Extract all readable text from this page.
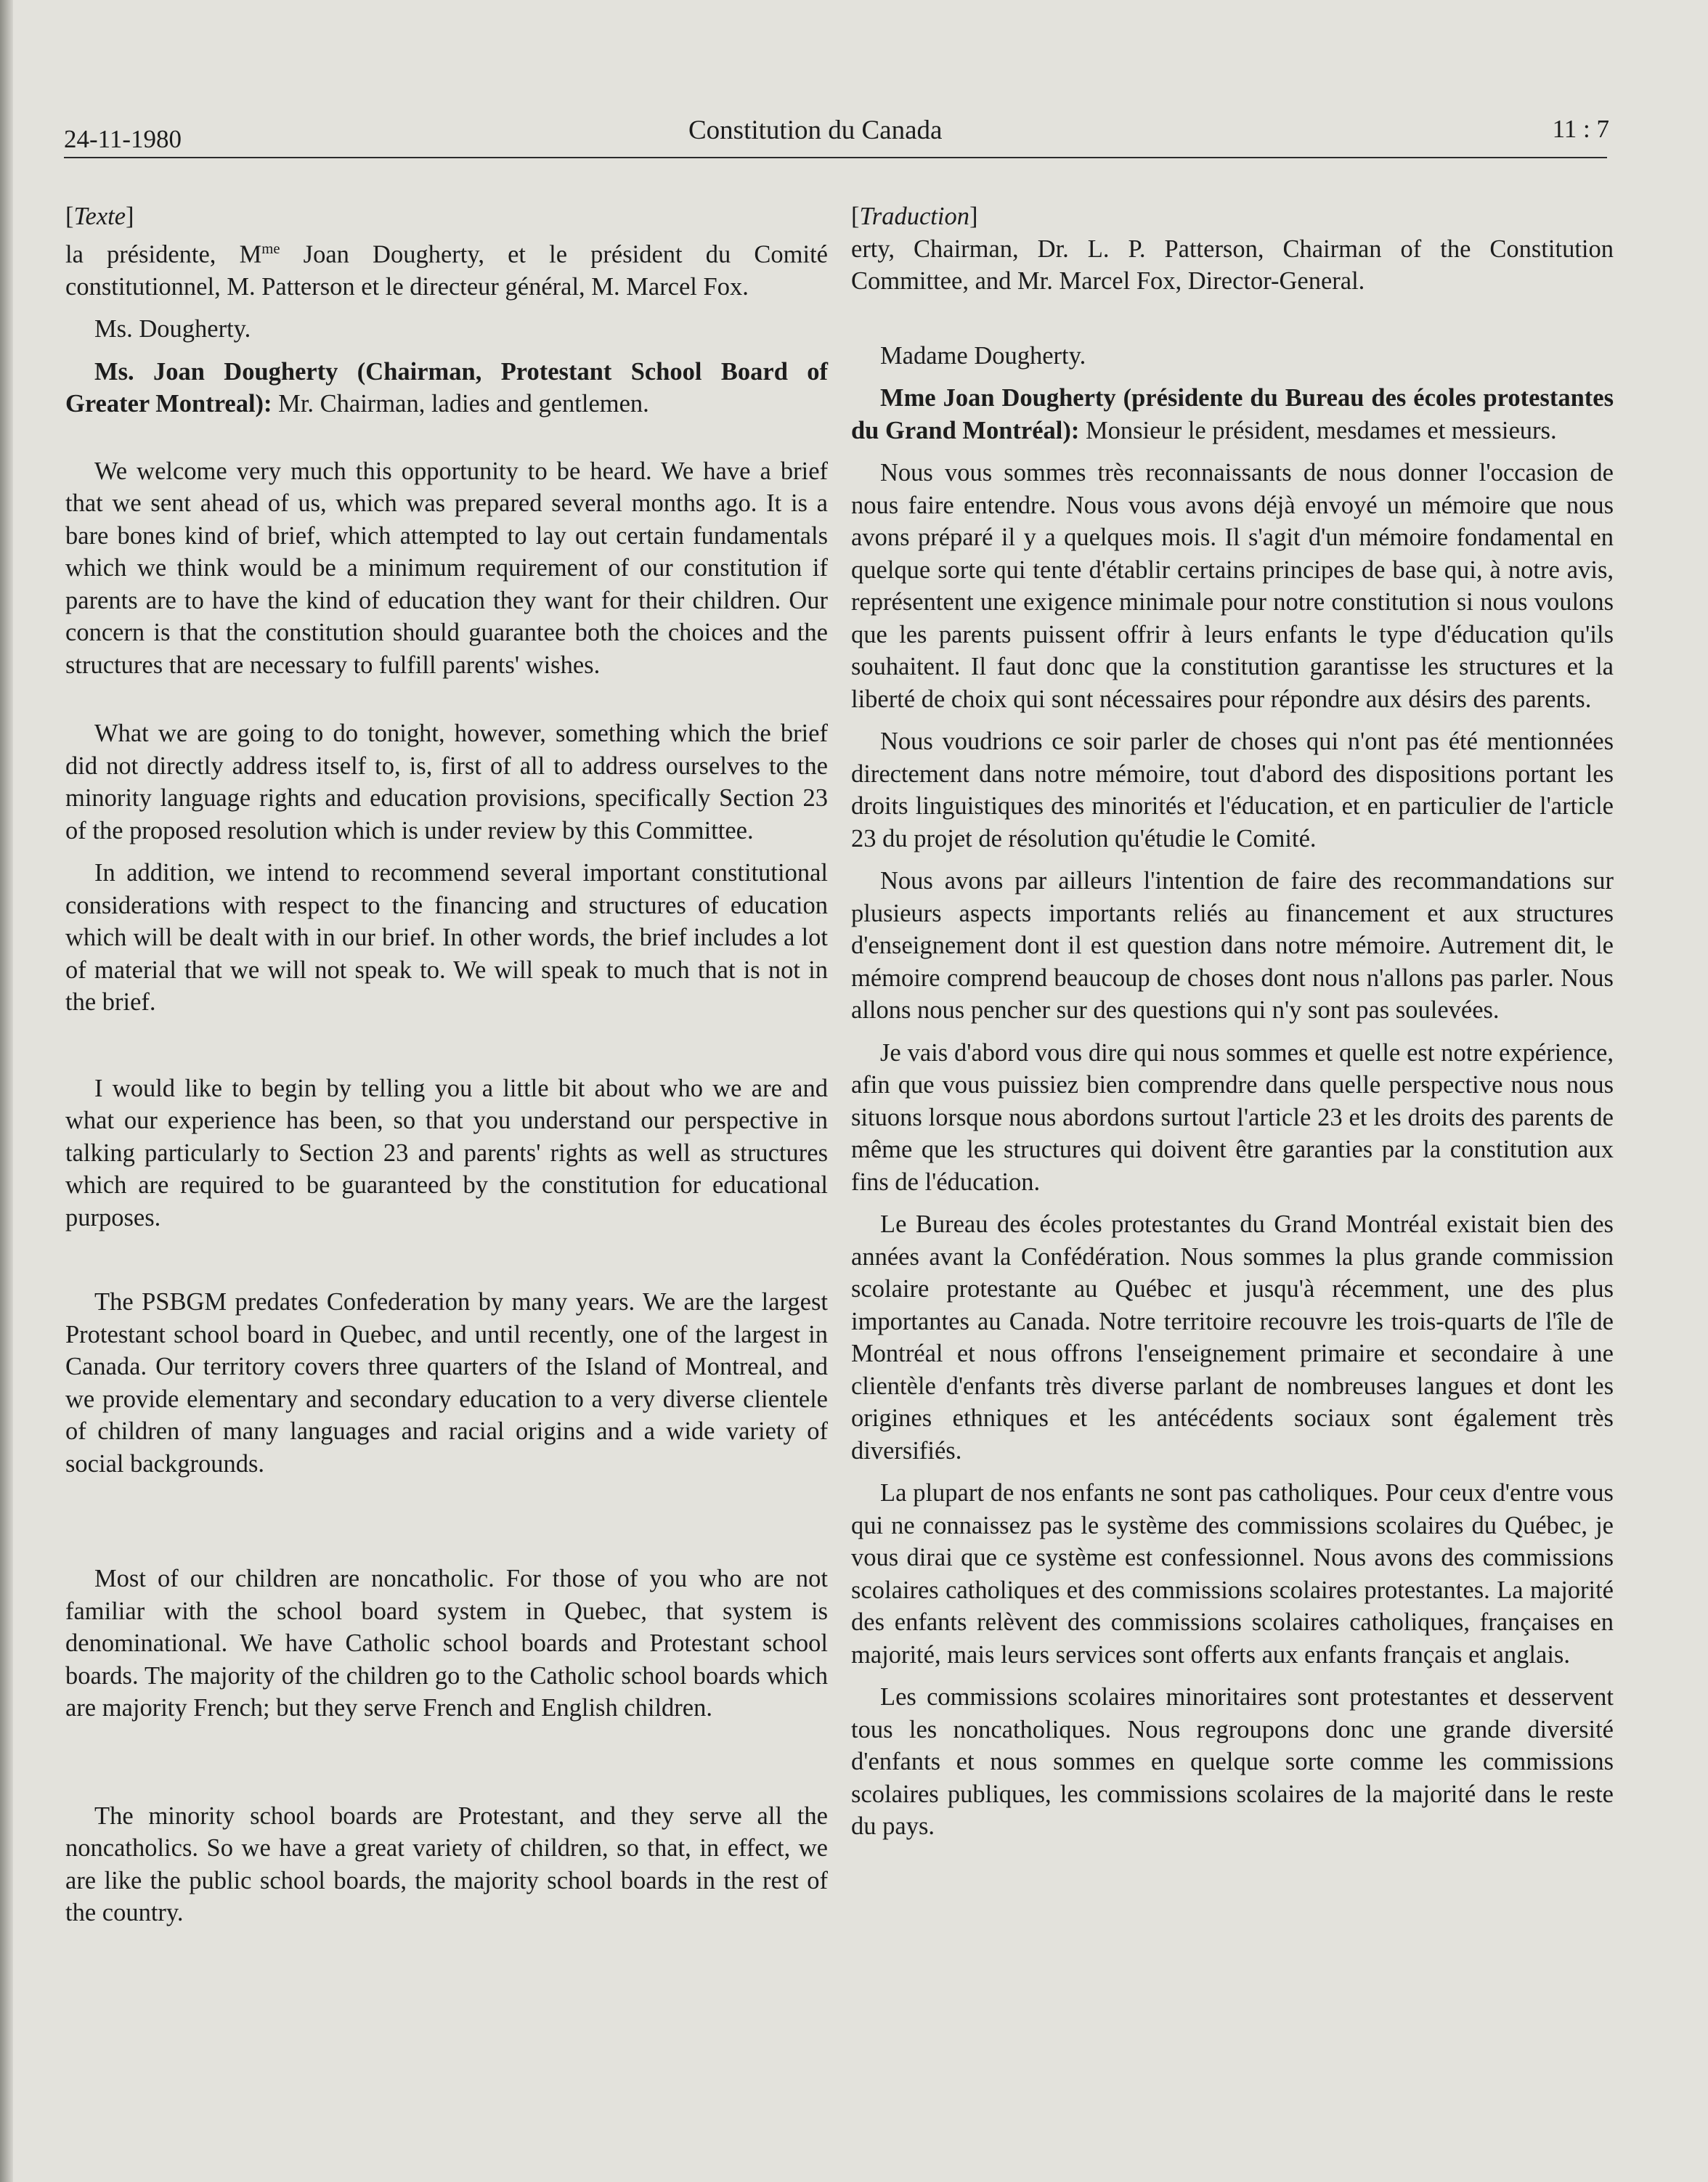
24-11-1980	Constitution du Canada	11 : 7

[Texte]

la présidente, $M^{me}$ Joan Dougherty, et le président du Comité constitutionnel, M. Patterson et le directeur général, M. Marcel Fox.

Ms. Dougherty.

Ms. Joan Dougherty (Chairman, Protestant School Board of Greater Montreal): Mr. Chairman, ladies and gentlemen.

We welcome very much this opportunity to be heard. We have a brief that we sent ahead of us, which was prepared several months ago. It is a bare bones kind of brief, which attempted to lay out certain fundamentals which we think would be a minimum requirement of our constitution if parents are to have the kind of education they want for their children. Our concern is that the constitution should guarantee both the choices and the structures that are necessary to fulfill parents' wishes.

What we are going to do tonight, however, something which the brief did not directly address itself to, is, first of all to address ourselves to the minority language rights and education provisions, specifically Section 23 of the proposed resolution which is under review by this Committee.

In addition, we intend to recommend several important constitutional considerations with respect to the financing and structures of education which will be dealt with in our brief. In other words, the brief includes a lot of material that we will not speak to. We will speak to much that is not in the brief.

I would like to begin by telling you a little bit about who we are and what our experience has been, so that you understand our perspective in talking particularly to Section 23 and parents' rights as well as structures which are required to be guaranteed by the constitution for educational purposes.

The PSBGM predates Confederation by many years. We are the largest Protestant school board in Quebec, and until recently, one of the largest in Canada. Our territory covers three quarters of the Island of Montreal, and we provide elementary and secondary education to a very diverse clientele of children of many languages and racial origins and a wide variety of social backgrounds.

Most of our children are noncatholic. For those of you who are not familiar with the school board system in Quebec, that system is denominational. We have Catholic school boards and Protestant school boards. The majority of the children go to the Catholic school boards which are majority French; but they serve French and English children.

The minority school boards are Protestant, and they serve all the noncatholics. So we have a great variety of children, so that, in effect, we are like the public school boards, the majority school boards in the rest of the country.

[Traduction]

erty, Chairman, Dr. L. P. Patterson, Chairman of the Constitution Committee, and Mr. Marcel Fox, Director-General.

Madame Dougherty.

Mme Joan Dougherty (présidente du Bureau des écoles protestantes du Grand Montréal): Monsieur le président, mesdames et messieurs.

Nous vous sommes très reconnaissants de nous donner l'occasion de nous faire entendre. Nous vous avons déjà envoyé un mémoire que nous avons préparé il y a quelques mois. Il s'agit d'un mémoire fondamental en quelque sorte qui tente d'établir certains principes de base qui, à notre avis, représentent une exigence minimale pour notre constitution si nous voulons que les parents puissent offrir à leurs enfants le type d'éducation qu'ils souhaitent. Il faut donc que la constitution garantisse les structures et la liberté de choix qui sont nécessaires pour répondre aux désirs des parents.

Nous voudrions ce soir parler de choses qui n'ont pas été mentionnées directement dans notre mémoire, tout d'abord des dispositions portant les droits linguistiques des minorités et l'éducation, et en particulier de l'article 23 du projet de résolution qu'étudie le Comité.

Nous avons par ailleurs l'intention de faire des recommandations sur plusieurs aspects importants reliés au financement et aux structures d'enseignement dont il est question dans notre mémoire. Autrement dit, le mémoire comprend beaucoup de choses dont nous n'allons pas parler. Nous allons nous pencher sur des questions qui n'y sont pas soulevées.

Je vais d'abord vous dire qui nous sommes et quelle est notre expérience, afin que vous puissiez bien comprendre dans quelle perspective nous nous situons lorsque nous abordons surtout l'article 23 et les droits des parents de même que les structures qui doivent être garanties par la constitution aux fins de l'éducation.

Le Bureau des écoles protestantes du Grand Montréal existait bien des années avant la Confédération. Nous sommes la plus grande commission scolaire protestante au Québec et jusqu'à récemment, une des plus importantes au Canada. Notre territoire recouvre les trois-quarts de l'île de Montréal et nous offrons l'enseignement primaire et secondaire à une clientèle d'enfants très diverse parlant de nombreuses langues et dont les origines ethniques et les antécédents sociaux sont également très diversifiés.

La plupart de nos enfants ne sont pas catholiques. Pour ceux d'entre vous qui ne connaissez pas le système des commissions scolaires du Québec, je vous dirai que ce système est confessionnel. Nous avons des commissions scolaires catholiques et des commissions scolaires protestantes. La majorité des enfants relèvent des commissions scolaires catholiques, françaises en majorité, mais leurs services sont offerts aux enfants français et anglais.

Les commissions scolaires minoritaires sont protestantes et desservent tous les noncatholiques. Nous regroupons donc une grande diversité d'enfants et nous sommes en quelque sorte comme les commissions scolaires publiques, les commissions scolaires de la majorité dans le reste du pays.
